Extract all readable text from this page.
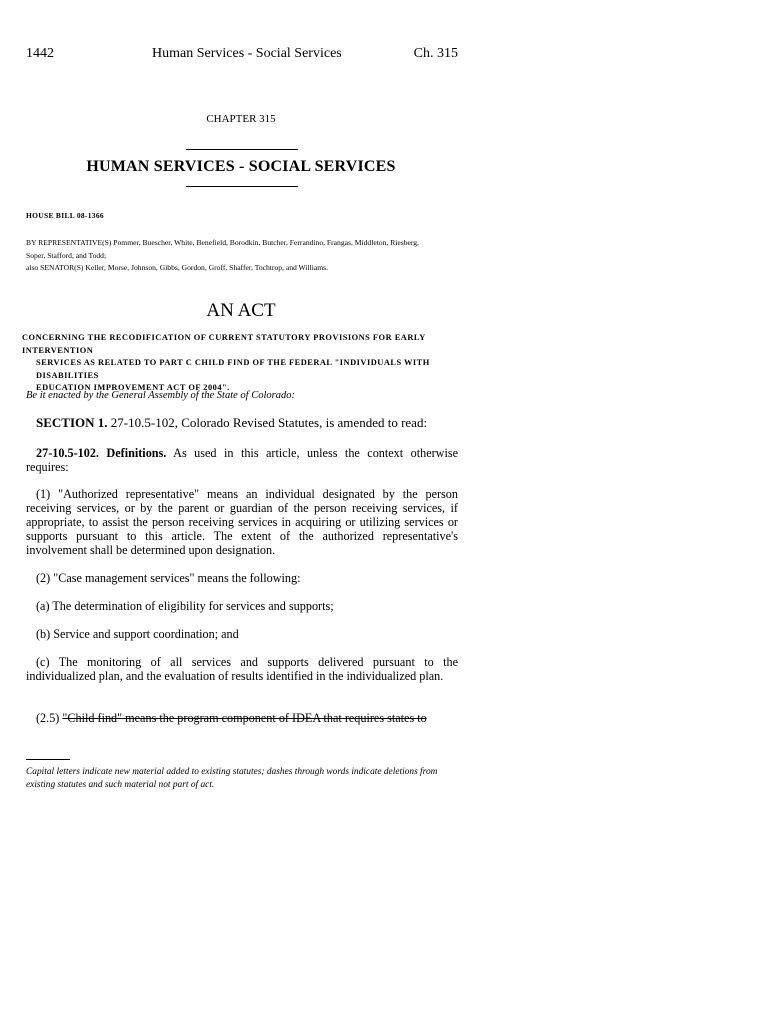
1442	Human Services - Social Services	Ch. 315
CHAPTER 315
HUMAN SERVICES - SOCIAL SERVICES
HOUSE BILL 08-1366
BY REPRESENTATIVE(S) Pommer, Buescher, White, Benefield, Borodkin, Butcher, Ferrandino, Frangas, Middleton, Riesberg,
Soper, Stafford, and Todd;
also SENATOR(S) Keller, Morse, Johnson, Gibbs, Gordon, Groff, Shaffer, Tochtrop, and Williams.
AN ACT
CONCERNING THE RECODIFICATION OF CURRENT STATUTORY PROVISIONS FOR EARLY INTERVENTION
SERVICES AS RELATED TO PART C CHILD FIND OF THE FEDERAL "INDIVIDUALS WITH DISABILITIES
EDUCATION IMPROVEMENT ACT OF 2004".
Be it enacted by the General Assembly of the State of Colorado:
SECTION 1. 27-10.5-102, Colorado Revised Statutes, is amended to read:
27-10.5-102. Definitions. As used in this article, unless the context otherwise requires:
(1) "Authorized representative" means an individual designated by the person receiving services, or by the parent or guardian of the person receiving services, if appropriate, to assist the person receiving services in acquiring or utilizing services or supports pursuant to this article. The extent of the authorized representative's involvement shall be determined upon designation.
(2) "Case management services" means the following:
(a) The determination of eligibility for services and supports;
(b) Service and support coordination; and
(c) The monitoring of all services and supports delivered pursuant to the individualized plan, and the evaluation of results identified in the individualized plan.
(2.5) "Child find" means the program component of IDEA that requires states to
Capital letters indicate new material added to existing statutes; dashes through words indicate deletions from existing statutes and such material not part of act.
